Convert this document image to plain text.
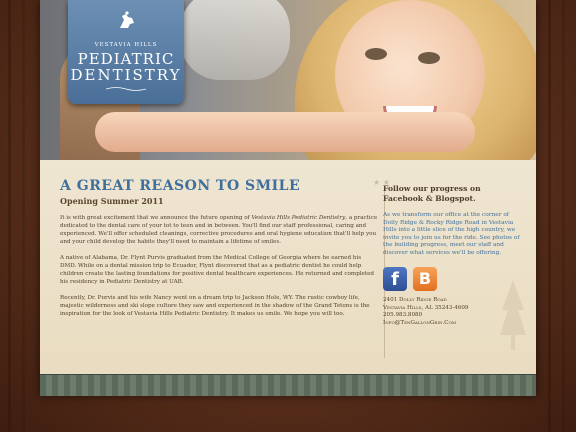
VESTAVIA HILLS
PEDIATRIC
DENTISTRY
A GREAT REASON TO SMILE
Opening Summer 2011

It is with great excitement that we announce the future opening of Vestavia Hills Pediatric Dentistry, a practice dedicated to the dental care of your tot to teen and in between. You'll find our staff professional, caring and experienced. We'll offer scheduled cleanings, corrective procedures and oral hygiene education that'll help you and your child develop the habits they'll need to maintain a lifetime of smiles.

A native of Alabama, Dr. Flynt Purvis graduated from the Medical College of Georgia where he earned his DMD. While on a dental mission trip to Ecuador, Flynt discovered that as a pediatric dentist he could help children create the lasting foundations for positive dental healthcare experiences. He returned and completed his residency in Pediatric Dentistry at UAB.

Recently, Dr. Purvis and his wife Nancy went on a dream trip to Jackson Hole, WY. The rustic cowboy life, majestic wilderness and ski slope culture they saw and experienced in the shadow of the Grand Tetons is the inspiration for the look of Vestavia Hills Pediatric Dentistry. It makes us smile. We hope you will too.

★ ★
Follow our progress on Facebook & Blogspot.
As we transform our office at the corner of Dolly Ridge & Rocky Ridge Road in Vestavia Hills into a little slice of the high country, we invite you to join us for the ride. See photos of the building progress, meet our staff and discover what services we'll be offering.
f	B
2401 Dolly Ridge Road
Vestavia Hills, AL 35243-4609
205.983.8080
Info@TenGallonGrin.Com
